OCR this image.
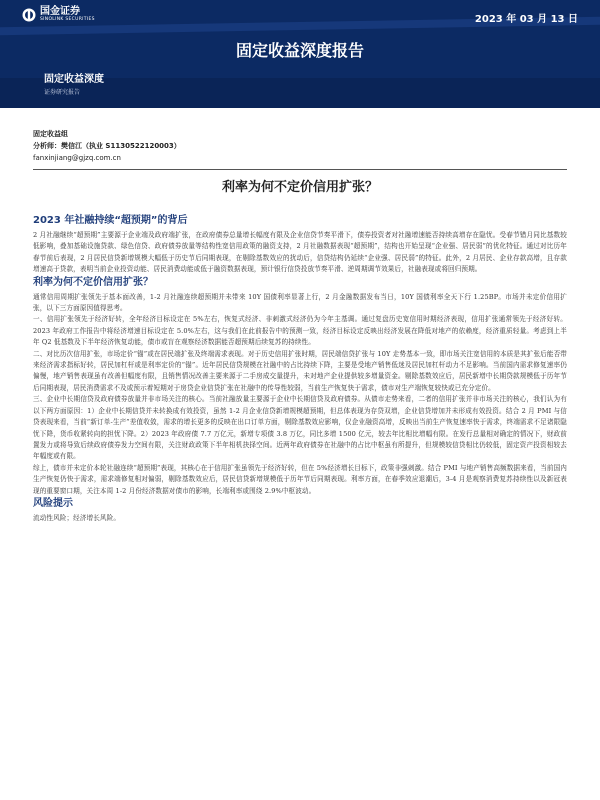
国金证券
SINOLINK SECURITIES	2023 年 03 月 13 日
固定收益深度报告
固定收益深度
证券研究报告
固定收益组
分析师：樊信江（执业 S1130522120003）
fanxinjiang@gjzq.com.cn
利率为何不定价信用扩张？
2023 年社融持续“超预期”的背后

2 月社融继续“超预期”主要源于企业端及政府端扩张，在政府债券总量增长幅度有限及企业信贷节奏平滑下，债券投资者对社融增速能否持续高增存在隐忧。受春节错月同比基数较低影响，叠加基础设施贷款、绿色信贷、政府债券放量等结构性宽信用政策的融资支持，2 月社融数据表现“超预期”，结构也开始呈现“企业强、居民弱”的优化特征。通过对比历年春节前后表现，2 月居民信贷新增规模大幅低于历史节后同期表现，在剔除基数效应的扰动后，信贷结构仍延续“企业强、居民弱”的特征。此外，2 月居民、企业存款高增，且存款增速高于贷款，表明当前企业投资动能、居民消费动能或低于融资数据表现，预计银行信贷投放节奏平滑、逆周期调节效果后，社融表现或将回归预期。

利率为何不定价信用扩张？

通常信用周期扩张领先于基本面改善，1-2 月社融连续超预期并未带来 10Y 国债利率显著上行，2 月金融数据发布当日，10Y 国债利率全天下行 1.25BP。市场并未定价信用扩张，以下三方面原因值得思考。

一、信用扩张领先于经济好转，全年经济目标设定在 5%左右，恢复式经济、非刺激式经济仍为今年主基调。通过复盘历史宽信用时期经济表现，信用扩张通常领先于经济好转。2023 年政府工作报告中将经济增速目标设定在 5.0%左右，这与我们在此前报告中的预测一致，经济目标设定反映出经济发展在降低对地产的依赖度，经济重质轻量。考虑到上半年 Q2 低基数及下半年经济恢复动能，债市或盲在观察经济数据能否超预期后续复苏的持续性。

二、对比历次信用扩张，市场定价“锚”或在居民端扩张及终端需求表现。对于历史信用扩张时期，居民端信贷扩张与 10Y 走势基本一致，即市场关注宽信用的本质是其扩张后能否带来经济需求指标好转，居民加杠杆或是利率定价的“锚”。近年居民信贷规模在社融中的占比持续下降，主要是受地产销售低迷及居民加杠杆动力不足影响。当前国内需求修复速率仍偏慢，地产销售表现虽有改善但幅度有限，且销售情况改善主要来源于二手房成交量提升，未对地产企业提供较多增量资金。剔除基数效应后，居民新增中长期贷款规模低于历年节后同期表现，居民消费需求不及或预示着短期对于房贷企业信贷扩张在社融中的传导性较弱，当前生产恢复快于需求，债市对生产端恢复较快或已充分定价。

三、企业中长期信贷及政府债券放量并非市场关注的核心。当前社融放量主要源于企业中长期信贷及政府债券。从债市走势来看，二者的信用扩张并非市场关注的核心，我们认为有以下两方面原因：1）企业中长期信贷并未转换成有效投资，虽然 1-2 月企业信贷新增规模超预期，但总体表现为存贷双增，企业信贷增加并未形成有效投资。结合 2 月 PMI 与信贷表现来看，当前“新订单-生产”差值收敛，需求的增长更多的反映在出口订单方面，剔除基数效应影响，仅企业融资高增，反映出当前生产恢复速率快于需求，终端需求不足诸限隐忧下降，货币收紧转向的担忧下降。2）2023 年政府债 7.7 万亿元，新增专项债 3.8 万亿，同比多增 1500 亿元，较去年比相比增幅有限。在发行总量相对确定的情况下，财政前置发力或将导致后续政府债券发力空间有限，关注财政政策下半年相机抉择空间。近两年政府债券在社融中的占比中枢虽有所提升，但规模较信贷相比仍较低，固定资产投资相较去年幅度或有限。

综上，债市并未定价本轮社融连续“超预期”表现，其核心在于信用扩张虽领先于经济好转，但在 5%经济增长目标下，政策非强刺激。结合 PMI 与地产销售高频数据来看，当前国内生产恢复仍快于需求，需求端修复相对偏弱，剔除基数效应后，居民信贷新增规模低于历年节后同期表现。利率方面，在春季效应退潮后，3-4 月是观察消费复苏持续性以及新冠表现的重要窗口期，关注本周 1-2 月份经济数据对债市的影响，长端利率或围绕 2.9%中枢波动。

风险提示

流动性风险；经济增长风险。
